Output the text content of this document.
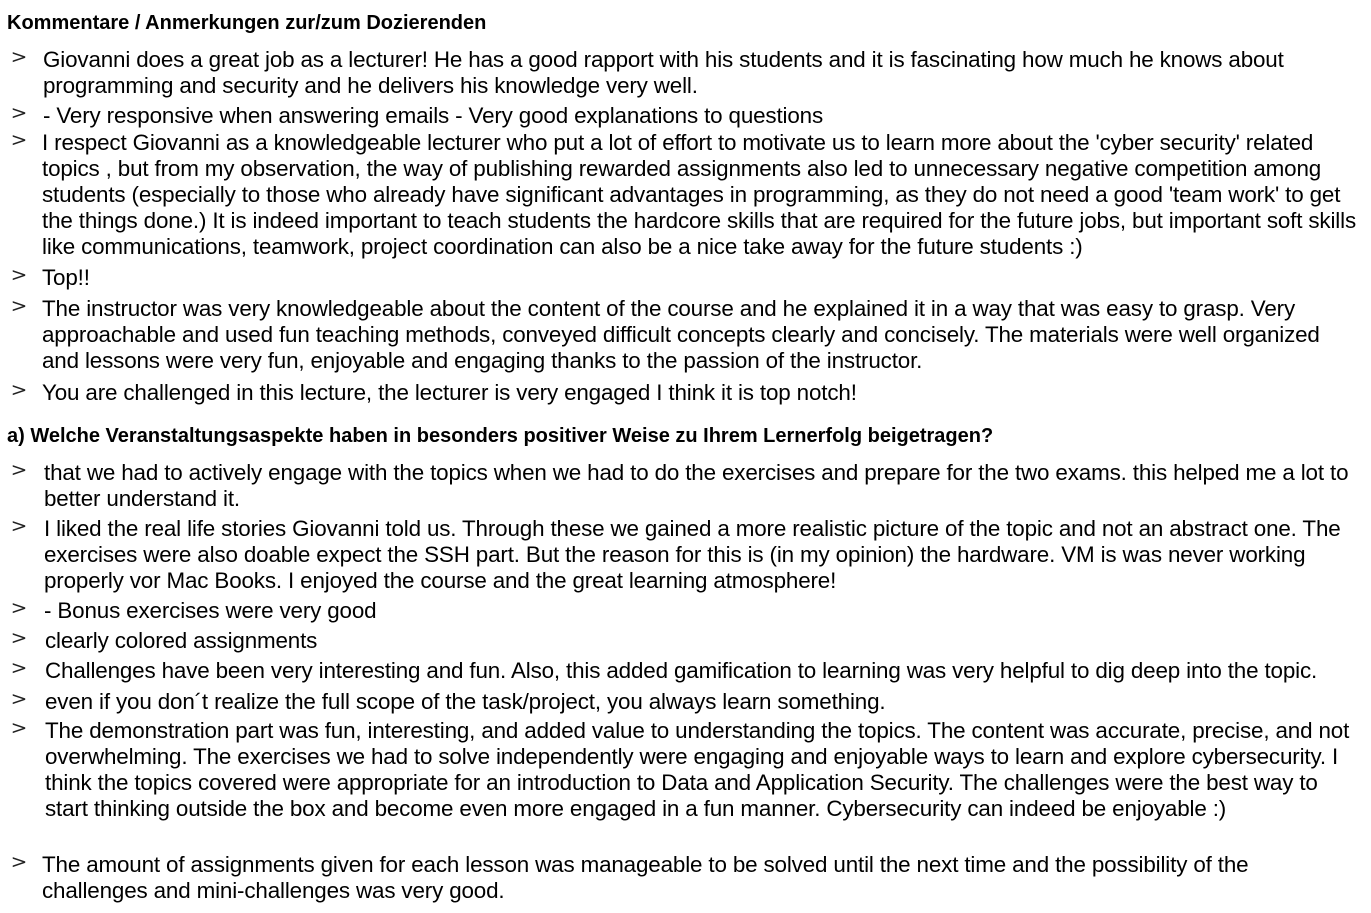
Kommentare / Anmerkungen zur/zum Dozierenden
> Giovanni does a great job as a lecturer! He has a good rapport with his students and it is fascinating how much he knows about programming and security and he delivers his knowledge very well.

> - Very responsive when answering emails - Very good explanations to questions

> I respect Giovanni as a knowledgeable lecturer who put a lot of effort to motivate us to learn more about the 'cyber security' related topics , but from my observation, the way of publishing rewarded assignments also led to unnecessary negative competition among students (especially to those who already have significant advantages in programming, as they do not need a good 'team work' to get the things done.) It is indeed important to teach students the hardcore skills that are required for the future jobs, but important soft skills like communications, teamwork, project coordination can also be a nice take away for the future students :)

> Top!!

> The instructor was very knowledgeable about the content of the course and he explained it in a way that was easy to grasp. Very approachable and used fun teaching methods, conveyed difficult concepts clearly and concisely. The materials were well organized and lessons were very fun, enjoyable and engaging thanks to the passion of the instructor.

> You are challenged in this lecture, the lecturer is very engaged I think it is top notch!

a) Welche Veranstaltungsaspekte haben in besonders positiver Weise zu Ihrem Lernerfolg beigetragen?
> that we had to actively engage with the topics when we had to do the exercises and prepare for the two exams. this helped me a lot to better understand it.

> I liked the real life stories Giovanni told us. Through these we gained a more realistic picture of the topic and not an abstract one. The exercises were also doable expect the SSH part. But the reason for this is (in my opinion) the hardware. VM is was never working properly vor Mac Books. I enjoyed the course and the great learning atmosphere!

> - Bonus exercises were very good

> clearly colored assignments

> Challenges have been very interesting and fun. Also, this added gamification to learning was very helpful to dig deep into the topic.

> even if you don´t realize the full scope of the task/project, you always learn something.

> The demonstration part was fun, interesting, and added value to understanding the topics. The content was accurate, precise, and not overwhelming. The exercises we had to solve independently were engaging and enjoyable ways to learn and explore cybersecurity. I think the topics covered were appropriate for an introduction to Data and Application Security. The challenges were the best way to start thinking outside the box and become even more engaged in a fun manner. Cybersecurity can indeed be enjoyable :)

> The amount of assignments given for each lesson was manageable to be solved until the next time and the possibility of the challenges and mini-challenges was very good.
